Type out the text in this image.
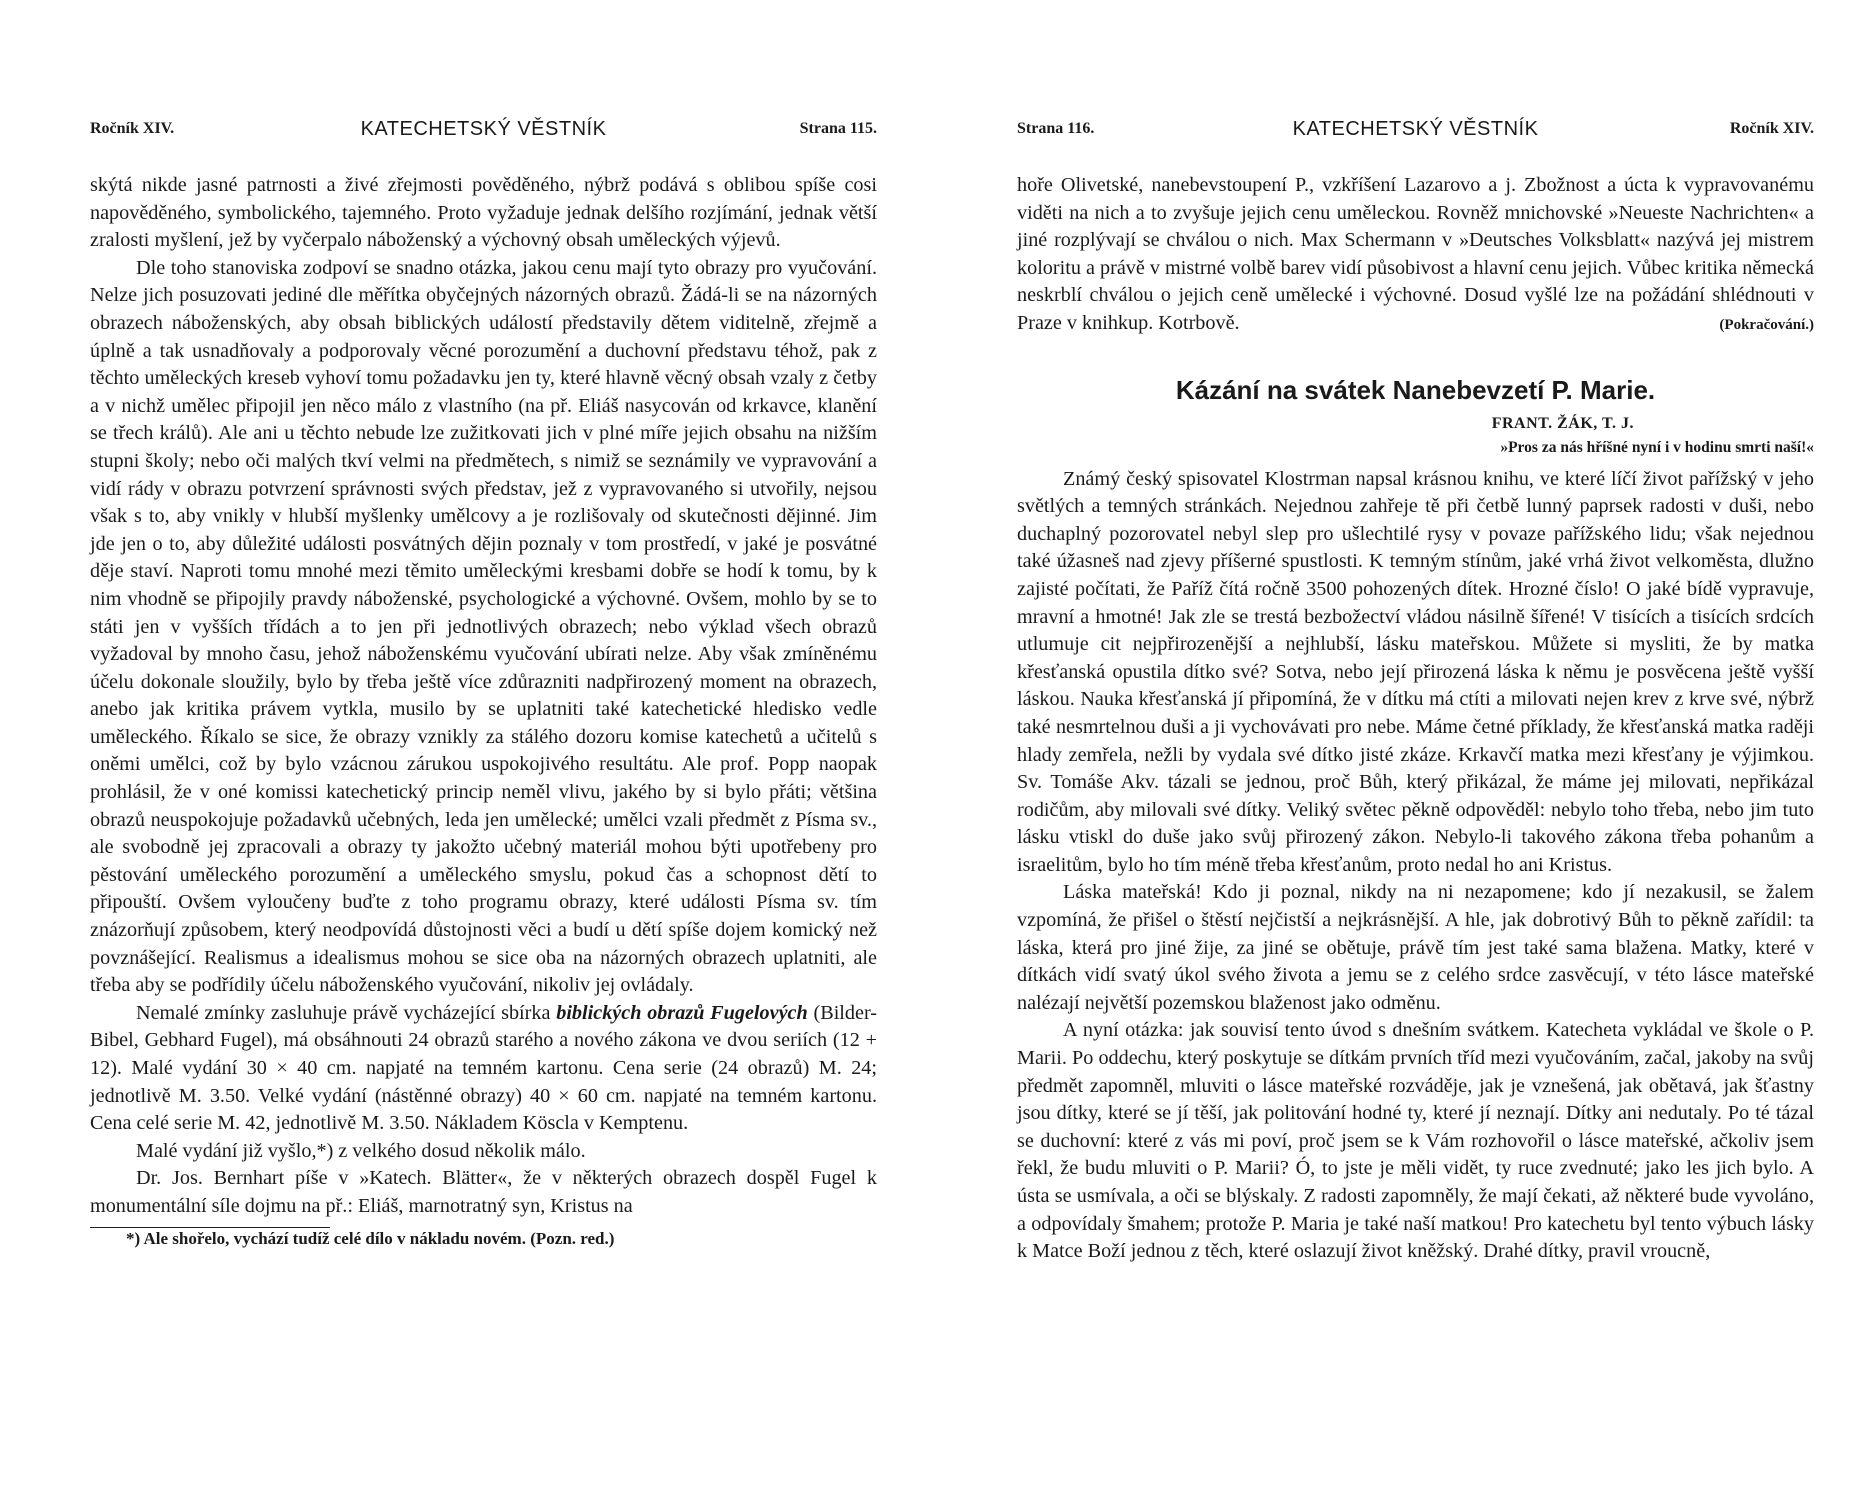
Ročník XIV.	KATECHETSKÝ VĚSTNÍK	Strana 115.

skýtá nikde jasné patrnosti a živé zřejmosti pověděného, nýbrž podává s oblibou spíše cosi napověděného, symbolického, tajemného. Proto vyžaduje jednak delšího rozjímání, jednak větší zralosti myšlení, jež by vyčerpalo náboženský a výchovný obsah uměleckých výjevů.

Dle toho stanoviska zodpoví se snadno otázka, jakou cenu mají tyto obrazy pro vyučování. Nelze jich posuzovati jediné dle měřítka obyčejných názorných obrazů. Žádá-li se na názorných obrazech náboženských, aby obsah biblických událostí představily dětem viditelně, zřejmě a úplně a tak usnadňovaly a podporovaly věcné porozumění a duchovní představu téhož, pak z těchto uměleckých kreseb vyhoví tomu požadavku jen ty, které hlavně věcný obsah vzaly z četby a v nichž umělec připojil jen něco málo z vlastního (na př. Eliáš nasycován od krkavce, klanění se třech králů). Ale ani u těchto nebude lze zužitkovati jich v plné míře jejich obsahu na nižším stupni školy; nebo oči malých tkví velmi na předmětech, s nimiž se seznámily ve vypravování a vidí rády v obrazu potvrzení správnosti svých představ, jež z vypravovaného si utvořily, nejsou však s to, aby vnikly v hlubší myšlenky umělcovy a je rozlišovaly od skutečnosti dějinné. Jim jde jen o to, aby důležité události posvátných dějin poznaly v tom prostředí, v jaké je posvátné děje staví. Naproti tomu mnohé mezi těmito uměleckými kresbami dobře se hodí k tomu, by k nim vhodně se připojily pravdy náboženské, psychologické a výchovné. Ovšem, mohlo by se to státi jen v vyšších třídách a to jen při jednotlivých obrazech; nebo výklad všech obrazů vyžadoval by mnoho času, jehož náboženskému vyučování ubírati nelze. Aby však zmíněnému účelu dokonale sloužily, bylo by třeba ještě více zdůrazniti nadpřirozený moment na obrazech, anebo jak kritika právem vytkla, musilo by se uplatniti také katechetické hledisko vedle uměleckého. Říkalo se sice, že obrazy vznikly za stálého dozoru komise katechetů a učitelů s oněmi umělci, což by bylo vzácnou zárukou uspokojivého resultátu. Ale prof. Popp naopak prohlásil, že v oné komissi katechetický princip neměl vlivu, jakého by si bylo přáti; většina obrazů neuspokojuje požadavků učebných, leda jen umělecké; umělci vzali předmět z Písma sv., ale svobodně jej zpracovali a obrazy ty jakožto učebný materiál mohou býti upotřebeny pro pěstování uměleckého porozumění a uměleckého smyslu, pokud čas a schopnost dětí to připouští. Ovšem vyloučeny buďte z toho programu obrazy, které události Písma sv. tím znázorňují způsobem, který neodpovídá důstojnosti věci a budí u dětí spíše dojem komický než povznášející. Realismus a idealismus mohou se sice oba na názorných obrazech uplatniti, ale třeba aby se podřídily účelu náboženského vyučování, nikoliv jej ovládaly.

Nemalé zmínky zasluhuje právě vycházející sbírka biblických obrazů Fugelových (Bilder-Bibel, Gebhard Fugel), má obsáhnouti 24 obrazů starého a nového zákona ve dvou seriích (12 + 12). Malé vydání 30 × 40 cm. napjaté na temném kartonu. Cena serie (24 obrazů) M. 24; jednotlivě M. 3.50. Velké vydání (nástěnné obrazy) 40 × 60 cm. napjaté na temném kartonu. Cena celé serie M. 42, jednotlivě M. 3.50. Nákladem Köscla v Kemptenu.

Malé vydání již vyšlo,*) z velkého dosud několik málo.

Dr. Jos. Bernhart píše v »Katech. Blätter«, že v některých obrazech dospěl Fugel k monumentální síle dojmu na př.: Eliáš, marnotratný syn, Kristus na

*) Ale shořelo, vychází tudíž celé dílo v nákladu novém. (Pozn. red.)
Strana 116.	KATECHETSKÝ VĚSTNÍK	Ročník XIV.

hoře Olivetské, nanebevstoupení P., vzkříšení Lazarovo a j. Zbožnost a úcta k vypravovanému viděti na nich a to zvyšuje jejich cenu uměleckou. Rovněž mnichovské »Neueste Nachrichten« a jiné rozplývají se chválou o nich. Max Schermann v »Deutsches Volksblatt« nazývá jej mistrem koloritu a právě v mistrné volbě barev vidí působivost a hlavní cenu jejich. Vůbec kritika německá neskrblí chválou o jejich ceně umělecké i výchovné. Dosud vyšlé lze na požádání shlédnouti v Praze v knihkup. Kotrbově.	(Pokračování.)

Kázání na svátek Nanebevzetí P. Marie.
FRANT. ŽÁK, T. J.
»Pros za nás hříšné nyní i v hodinu smrti naší!«

Známý český spisovatel Klostrman napsal krásnou knihu, ve které líčí život pařížský v jeho světlých a temných stránkách. Nejednou zahřeje tě při četbě lunný paprsek radosti v duši, nebo duchaplný pozorovatel nebyl slep pro ušlechtilé rysy v povaze pařížského lidu; však nejednou také úžasneš nad zjevy příšerné spustlosti. K temným stínům, jaké vrhá život velkoměsta, dlužno zajisté počítati, že Paříž čítá ročně 3500 pohozených dítek. Hrozné číslo! O jaké bídě vypravuje, mravní a hmotné! Jak zle se trestá bezbožectví vládou násilně šířené! V tisících a tisících srdcích utlumuje cit nejpřirozenější a nejhlubší, lásku mateřskou. Můžete si mysliti, že by matka křesťanská opustila dítko své? Sotva, nebo její přirozená láska k němu je posvěcena ještě vyšší láskou. Nauka křesťanská jí připomíná, že v dítku má ctíti a milovati nejen krev z krve své, nýbrž také nesmrtelnou duši a ji vychovávati pro nebe. Máme četné příklady, že křesťanská matka raději hlady zemřela, nežli by vydala své dítko jisté zkáze. Krkavčí matka mezi křesťany je výjimkou. Sv. Tomáše Akv. tázali se jednou, proč Bůh, který přikázal, že máme jej milovati, nepřikázal rodičům, aby milovali své dítky. Veliký světec pěkně odpověděl: nebylo toho třeba, nebo jim tuto lásku vtiskl do duše jako svůj přirozený zákon. Nebylo-li takového zákona třeba pohanům a israelitům, bylo ho tím méně třeba křesťanům, proto nedal ho ani Kristus.

Láska mateřská! Kdo ji poznal, nikdy na ni nezapomene; kdo jí nezakusil, se žalem vzpomíná, že přišel o štěstí nejčistší a nejkrásnější. A hle, jak dobrotivý Bůh to pěkně zařídil: ta láska, která pro jiné žije, za jiné se obětuje, právě tím jest také sama blažena. Matky, které v dítkách vidí svatý úkol svého života a jemu se z celého srdce zasvěcují, v této lásce mateřské nalézají největší pozemskou blaženost jako odměnu.

A nyní otázka: jak souvisí tento úvod s dnešním svátkem. Katecheta vykládal ve škole o P. Marii. Po oddechu, který poskytuje se dítkám prvních tříd mezi vyučováním, začal, jakoby na svůj předmět zapomněl, mluviti o lásce mateřské rozváděje, jak je vznešená, jak obětavá, jak šťastny jsou dítky, které se jí těší, jak politování hodné ty, které jí neznají. Dítky ani nedutaly. Po té tázal se duchovní: které z vás mi poví, proč jsem se k Vám rozhovořil o lásce mateřské, ačkoliv jsem řekl, že budu mluviti o P. Marii? Ó, to jste je měli vidět, ty ruce zvednuté; jako les jich bylo. A ústa se usmívala, a oči se blýskaly. Z radosti zapomněly, že mají čekati, až některé bude vyvoláno, a odpovídaly šmahem; protože P. Maria je také naší matkou! Pro katechetu byl tento výbuch lásky k Matce Boží jednou z těch, které oslazují život kněžský. Drahé dítky, pravil vroucně,
